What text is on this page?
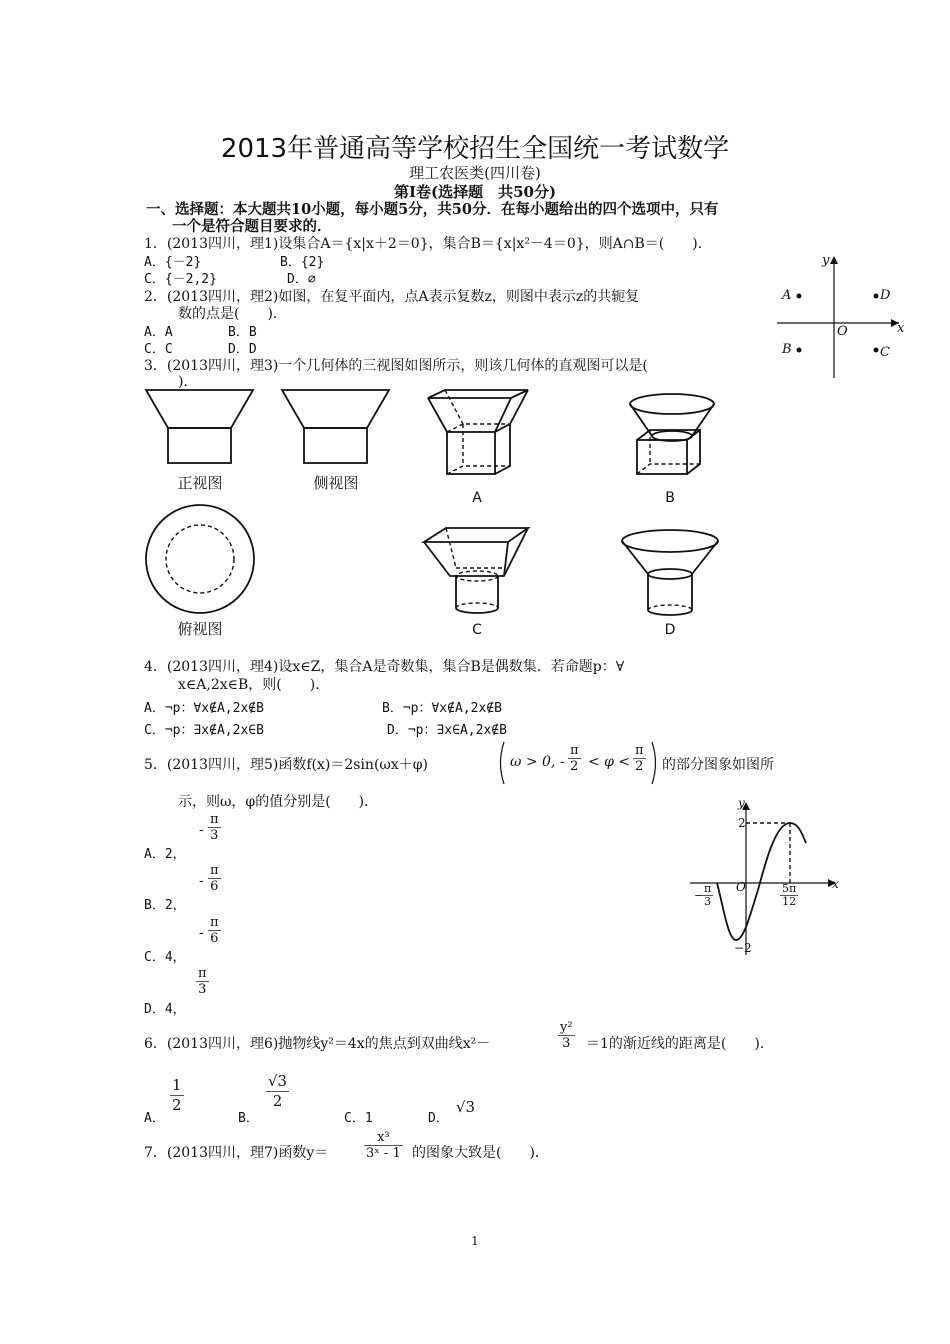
2013年普通高等学校招生全国统一考试数学
理工农医类(四川卷)
第Ⅰ卷(选择题　共50分)
一、选择题：本大题共10小题，每小题5分，共50分．在每小题给出的四个选项中，只有
一个是符合题目要求的．
1．(2013四川，理1)设集合A＝{x|x＋2＝0}，集合B＝{x|x²－4＝0}，则A∩B＝(　　)．
A．{－2}	B．{2}
C．{－2,2}	D．∅
2．(2013四川，理2)如图，在复平面内，点A表示复数z，则图中表示z的共轭复
数的点是(　　)．
A．A	B．B
C．C	D．D
y
x
O
A	D
B	C
3．(2013四川，理3)一个几何体的三视图如图所示，则该几何体的直观图可以是(
)．
正视图	侧视图
俯视图
A	B
C	D
4．(2013四川，理4)设x∈Z，集合A是奇数集，集合B是偶数集．若命题p：∀
x∈A,2x∈B，则(　　)．
A．¬p：∀x∉A,2x∉B	B．¬p：∀x∉A,2x∉B
C．¬p：∃x∉A,2x∈B	D．¬p：∃x∈A,2x∉B
5．(2013四川，理5)函数f(x)＝2sin(ωx＋φ)	ω > 0, - $\frac{\pi}{2} < \varphi < \frac{\pi}{2}$ 的部分图象如图所
示，则ω，φ的值分别是(　　)．
A．2，
- $\frac{\pi}{3}$
B．2，
- $\frac{\pi}{6}$
C．4，
- $\frac{\pi}{6}$
D．4，
$\frac{\pi}{3}$
y
x
O
2
−2
−
$\frac{\pi}{3}$	$\frac{5\pi}{12}$
6．(2013四川，理6)抛物线y²＝4x的焦点到双曲线x²－	$\frac{\text{y²}}{3} =1$的渐近线的距离是(　　)．
A．
$\frac{1}{2}$
B．
$\frac{√3}{2}$
C．1	D．
√3
7．(2013四川，理7)函数y＝	$\frac{\text{x³}}{\text{3ˣ - 1}}$ 的图象大致是(　　)．
1
